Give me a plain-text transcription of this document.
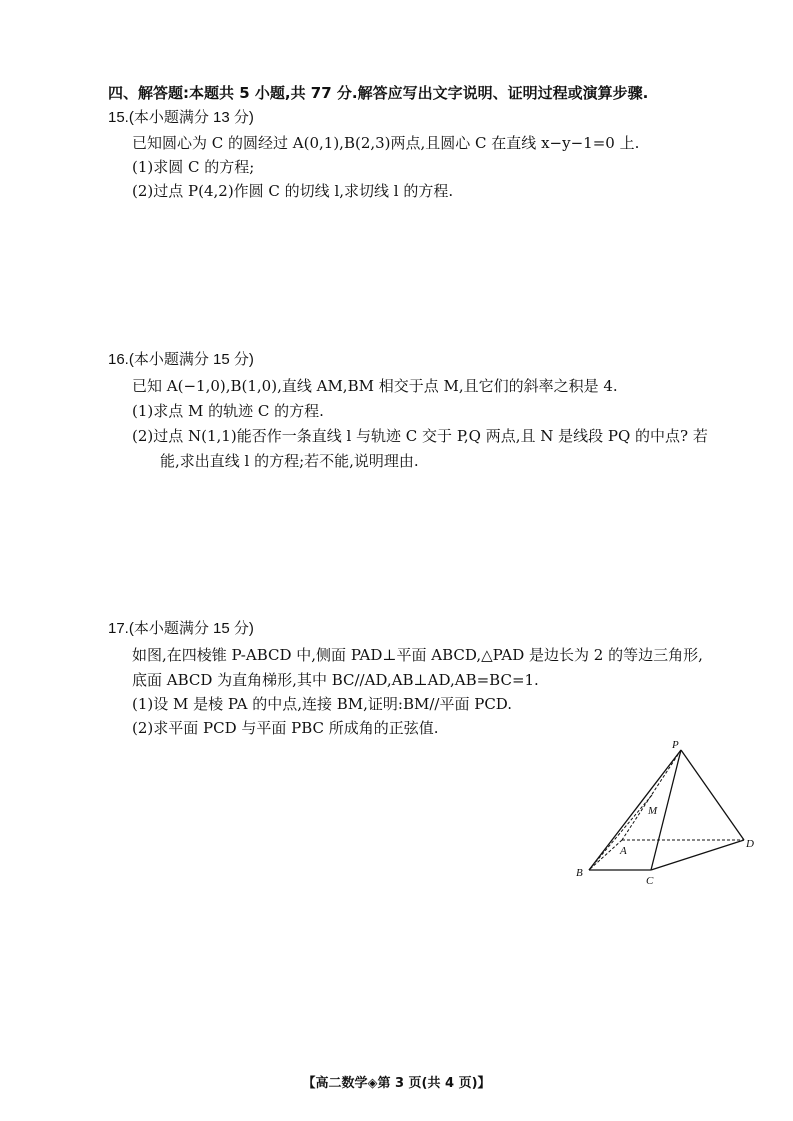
四、解答题:本题共 5 小题,共 77 分.解答应写出文字说明、证明过程或演算步骤.
15.(本小题满分 13 分)
已知圆心为 C 的圆经过 A(0,1),B(2,3)两点,且圆心 C 在直线 x−y−1=0 上.
(1)求圆 C 的方程;
(2)过点 P(4,2)作圆 C 的切线 l,求切线 l 的方程.
16.(本小题满分 15 分)
已知 A(−1,0),B(1,0),直线 AM,BM 相交于点 M,且它们的斜率之积是 4.
(1)求点 M 的轨迹 C 的方程.
(2)过点 N(1,1)能否作一条直线 l 与轨迹 C 交于 P,Q 两点,且 N 是线段 PQ 的中点? 若
能,求出直线 l 的方程;若不能,说明理由.
17.(本小题满分 15 分)
如图,在四棱锥 P-ABCD 中,侧面 PAD⊥平面 ABCD,△PAD 是边长为 2 的等边三角形,
底面 ABCD 为直角梯形,其中 BC//AD,AB⊥AD,AB=BC=1.
(1)设 M 是棱 PA 的中点,连接 BM,证明:BM//平面 PCD.
(2)求平面 PCD 与平面 PBC 所成角的正弦值.
P
M
A
D
B
C
【高二数学◈第 3 页(共 4 页)】
